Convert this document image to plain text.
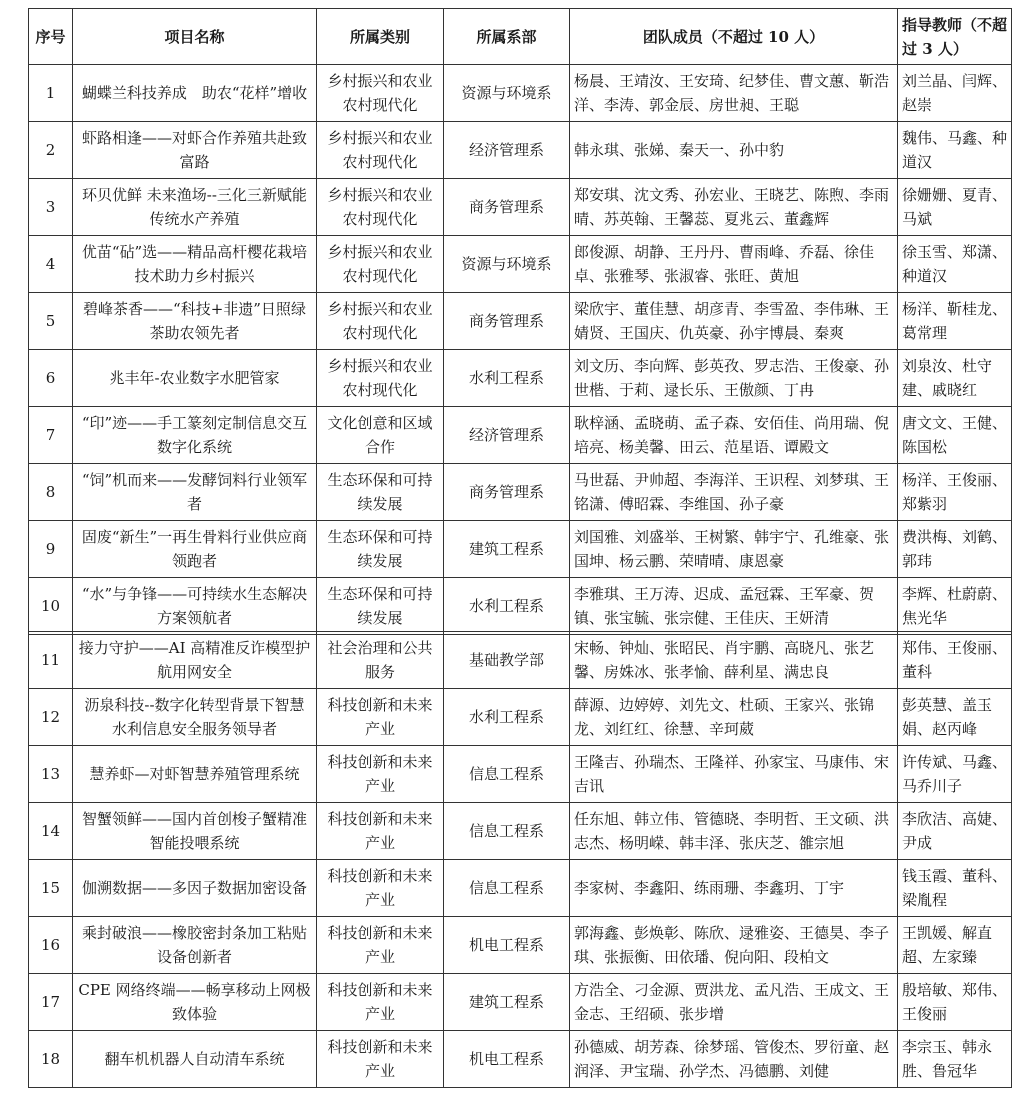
序号	项目名称	所属类别	所属系部	团队成员（不超过 10 人）	指导教师（不超过 3 人）
1	蝴蝶兰科技养成　助农“花样”增收	乡村振兴和农业农村现代化	资源与环境系	杨晨、王靖汝、王安琦、纪梦佳、曹文蕙、靳浩洋、李涛、郭金辰、房世昶、王聪	刘兰晶、闫辉、赵崇
2	虾路相逢——对虾合作养殖共赴致富路	乡村振兴和农业农村现代化	经济管理系	韩永琪、张娣、秦天一、孙中豹	魏伟、马鑫、种道汉
3	环贝优鲜 未来渔场--三化三新赋能传统水产养殖	乡村振兴和农业农村现代化	商务管理系	郑安琪、沈文秀、孙宏业、王晓艺、陈煦、李雨晴、苏英翰、王馨蕊、夏兆云、董鑫辉	徐姗姗、夏青、马斌
4	优苗“砧”选——精品高杆樱花栽培技术助力乡村振兴	乡村振兴和农业农村现代化	资源与环境系	郎俊源、胡静、王丹丹、曹雨峰、乔磊、徐佳卓、张雅琴、张淑睿、张旺、黄旭	徐玉雪、郑潇、种道汉
5	碧峰茶香——“科技+非遗”日照绿茶助农领先者	乡村振兴和农业农村现代化	商务管理系	梁欣宇、董佳慧、胡彦青、李雪盈、李伟琳、王婧贤、王国庆、仇英豪、孙宇博晨、秦爽	杨洋、靳桂龙、葛常理
6	兆丰年-农业数字水肥管家	乡村振兴和农业农村现代化	水利工程系	刘文历、李向辉、彭英孜、罗志浩、王俊豪、孙世楷、于莉、逯长乐、王傲颜、丁冉	刘泉汝、杜守建、戚晓红
7	“印”迹——手工篆刻定制信息交互数字化系统	文化创意和区域合作	经济管理系	耿梓涵、孟晓萌、孟子森、安佰佳、尚用瑞、倪培亮、杨美馨、田云、范星语、谭殿文	唐文文、王健、陈国松
8	“饲”机而来——发酵饲料行业领军者	生态环保和可持续发展	商务管理系	马世磊、尹帅超、李海洋、王识程、刘梦琪、王铭潇、傅昭霖、李维国、孙子豪	杨洋、王俊丽、郑紫羽
9	固废“新生”一再生骨料行业供应商领跑者	生态环保和可持续发展	建筑工程系	刘国雅、刘盛举、王树繁、韩宇宁、孔维豪、张国坤、杨云鹏、荣晴晴、康恩豪	费洪梅、刘鹤、郭玮
10	“水”与争锋——可持续水生态解决方案领航者	生态环保和可持续发展	水利工程系	李雅琪、王万涛、迟成、孟冠霖、王军豪、贺镇、张宝毓、张宗健、王佳庆、王妍清	李辉、杜蔚蔚、焦光华
11	接力守护——AI 高精准反诈模型护航用网安全	社会治理和公共服务	基础教学部	宋畅、钟灿、张昭民、肖宇鹏、高晓凡、张艺馨、房姝冰、张孝愉、薛利星、满忠良	郑伟、王俊丽、董科
12	沥泉科技--数字化转型背景下智慧水利信息安全服务领导者	科技创新和未来产业	水利工程系	薛源、边婷婷、刘先文、杜硕、王家兴、张锦龙、刘红红、徐慧、辛珂葳	彭英慧、盖玉娟、赵丙峰
13	慧养虾—对虾智慧养殖管理系统	科技创新和未来产业	信息工程系	王隆吉、孙瑞杰、王隆祥、孙家宝、马康伟、宋吉讯	许传斌、马鑫、马乔川子
14	智蟹领鲜——国内首创梭子蟹精准智能投喂系统	科技创新和未来产业	信息工程系	任东旭、韩立伟、管德晓、李明哲、王文硕、洪志杰、杨明嵘、韩丰泽、张庆芝、雒宗旭	李欣洁、高婕、尹成
15	伽溯数据——多因子数据加密设备	科技创新和未来产业	信息工程系	李家树、李鑫阳、练雨珊、李鑫玥、丁宇	钱玉霞、董科、梁胤程
16	乘封破浪——橡胶密封条加工粘贴设备创新者	科技创新和未来产业	机电工程系	郭海鑫、彭焕彰、陈欣、逯雅姿、王德昊、李子琪、张振衡、田依璠、倪向阳、段柏文	王凯媛、解直超、左家臻
17	CPE 网络终端——畅享移动上网极致体验	科技创新和未来产业	建筑工程系	方浩全、刁金源、贾洪龙、孟凡浩、王成文、王金志、王绍硕、张步增	殷培敏、郑伟、王俊丽
18	翻车机机器人自动清车系统	科技创新和未来产业	机电工程系	孙德威、胡芳森、徐梦瑶、管俊杰、罗衍童、赵润泽、尹宝瑞、孙学杰、冯德鹏、刘健	李宗玉、韩永胜、鲁冠华
